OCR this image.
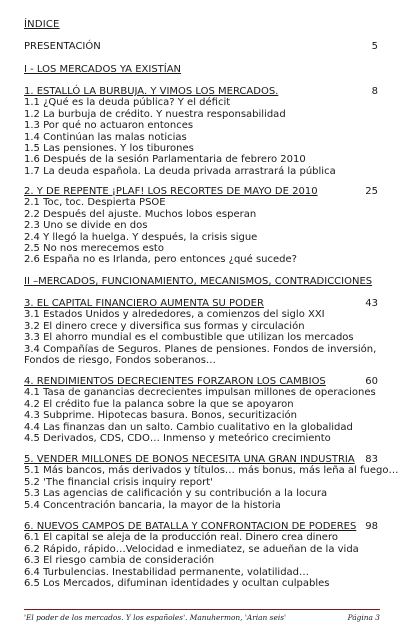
ÍNDICE
PRESENTACIÓN	5
I - LOS MERCADOS YA EXISTÍAN
1. ESTALLÓ LA BURBUJA. Y VIMOS LOS MERCADOS.	8
1.1 ¿Qué es la deuda pública? Y el déficit
1.2 La burbuja de crédito. Y nuestra responsabilidad
1.3 Por qué no actuaron entonces
1.4 Continúan las malas noticias
1.5 Las pensiones. Y los tiburones
1.6 Después de la sesión Parlamentaria de febrero 2010
1.7 La deuda española. La deuda privada arrastrará la pública
2. Y DE REPENTE ¡PLAF! LOS RECORTES DE MAYO DE 2010	25
2.1 Toc, toc. Despierta PSOE
2.2 Después del ajuste. Muchos lobos esperan
2.3 Uno se divide en dos
2.4 Y llegó la huelga. Y después, la crisis sigue
2.5 No nos merecemos esto
2.6 España no es Irlanda, pero entonces ¿qué sucede?
II –MERCADOS, FUNCIONAMIENTO, MECANISMOS, CONTRADICCIONES
3. EL CAPITAL FINANCIERO AUMENTA SU PODER	43
3.1 Estados Unidos y alrededores, a comienzos del siglo XXI
3.2 El dinero crece y diversifica sus formas y circulación
3.3 El ahorro mundial es el combustible que utilizan los mercados
3.4 Compañías de Seguros. Planes de pensiones. Fondos de inversión, Fondos de riesgo, Fondos soberanos…
4. RENDIMIENTOS DECRECIENTES FORZARON LOS CAMBIOS	60
4.1 Tasa de ganancias decrecientes impulsan millones de operaciones
4.2 El crédito fue la palanca sobre la que se apoyaron
4.3 Subprime. Hipotecas basura. Bonos, securitización
4.4 Las finanzas dan un salto. Cambio cualitativo en la globalidad
4.5 Derivados, CDS, CDO… Inmenso y meteórico crecimiento
5. VENDER MILLONES DE BONOS NECESITA UNA GRAN INDUSTRIA 83
5.1 Más bancos, más derivados y títulos… más bonus, más leña al fuego…
5.2 'The financial crisis inquiry report'
5.3 Las agencias de calificación y su contribución a la locura
5.4 Concentración bancaria, la mayor de la historia
6. NUEVOS CAMPOS DE BATALLA Y CONFRONTACION DE PODERES 98
6.1 El capital se aleja de la producción real. Dinero crea dinero
6.2 Rápido, rápido…Velocidad e inmediatez, se adueñan de la vida
6.3 El riesgo cambia de consideración
6.4 Turbulencias. Inestabilidad permanente, volatilidad…
6.5 Los Mercados, difuminan identidades y ocultan culpables
'El poder de los mercados. Y los españoles'. Manuhermon, 'Arian seis'	Página 3
